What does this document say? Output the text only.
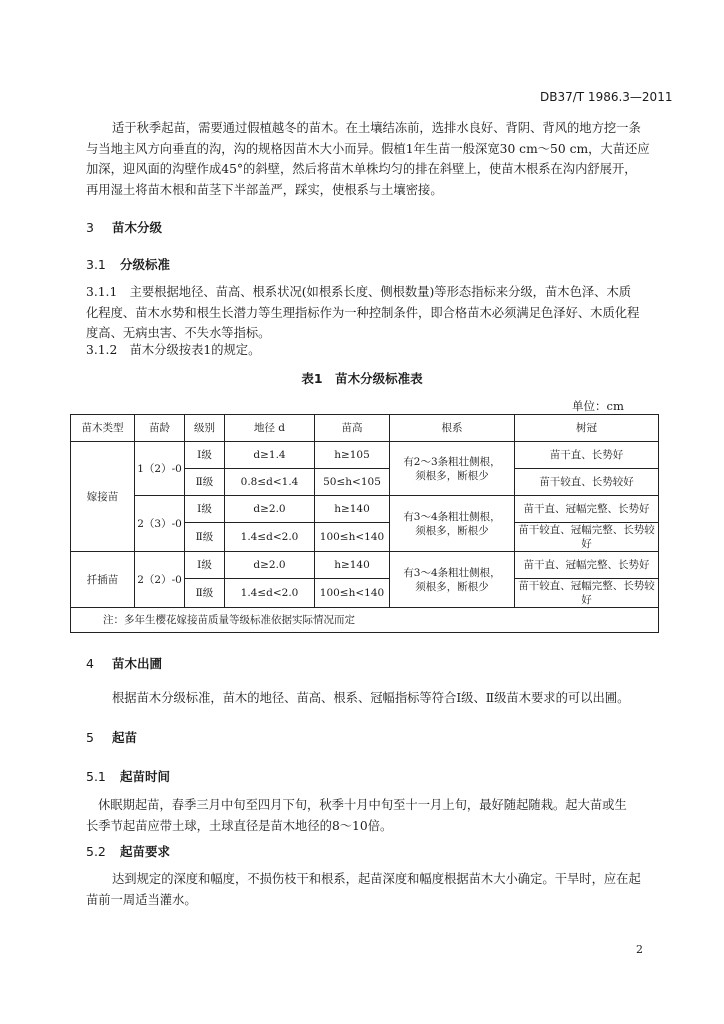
DB37/T 1986.3—2011
适于秋季起苗，需要通过假植越冬的苗木。在土壤结冻前，选排水良好、背阴、背风的地方挖一条
与当地主风方向垂直的沟，沟的规格因苗木大小而异。假植1年生苗一般深宽30 cm～50 cm，大苗还应
加深，迎风面的沟壁作成45°的斜壁，然后将苗木单株均匀的排在斜壁上，使苗木根系在沟内舒展开，
再用湿土将苗木根和苗茎下半部盖严，踩实，使根系与土壤密接。
3 苗木分级
3.1 分级标准
3.1.1　主要根据地径、苗高、根系状况(如根系长度、侧根数量)等形态指标来分级，苗木色泽、木质
化程度、苗木水势和根生长潜力等生理指标作为一种控制条件，即合格苗木必须满足色泽好、木质化程
度高、无病虫害、不失水等指标。
3.1.2　苗木分级按表1的规定。
表1　苗木分级标准表
单位：cm
苗木类型	苗龄	级别	地径 d	苗高	根系	树冠
嫁接苗	1（2）-0	Ⅰ级	d≥1.4	h≥105	有2～3条粗壮侧根，
须根多，断根少	苗干直、长势好
		Ⅱ级	0.8≤d<1.4	50≤h<105		苗干较直、长势较好
	2（3）-0	Ⅰ级	d≥2.0	h≥140	有3～4条粗壮侧根，
须根多，断根少	苗干直、冠幅完整、长势好
		Ⅱ级	1.4≤d<2.0	100≤h<140		苗干较直、冠幅完整、长势较好
扦插苗	2（2）-0	Ⅰ级	d≥2.0	h≥140	有3～4条粗壮侧根，
须根多，断根少	苗干直、冠幅完整、长势好
		Ⅱ级	1.4≤d<2.0	100≤h<140		苗干较直、冠幅完整、长势较好
注：多年生樱花嫁接苗质量等级标准依据实际情况而定						
4 苗木出圃
根据苗木分级标准，苗木的地径、苗高、根系、冠幅指标等符合Ⅰ级、Ⅱ级苗木要求的可以出圃。
5 起苗
5.1 起苗时间
休眠期起苗，春季三月中旬至四月下旬，秋季十月中旬至十一月上旬，最好随起随栽。起大苗或生
长季节起苗应带土球，土球直径是苗木地径的8～10倍。
5.2 起苗要求
达到规定的深度和幅度，不损伤枝干和根系，起苗深度和幅度根据苗木大小确定。干旱时，应在起
苗前一周适当灌水。
2
